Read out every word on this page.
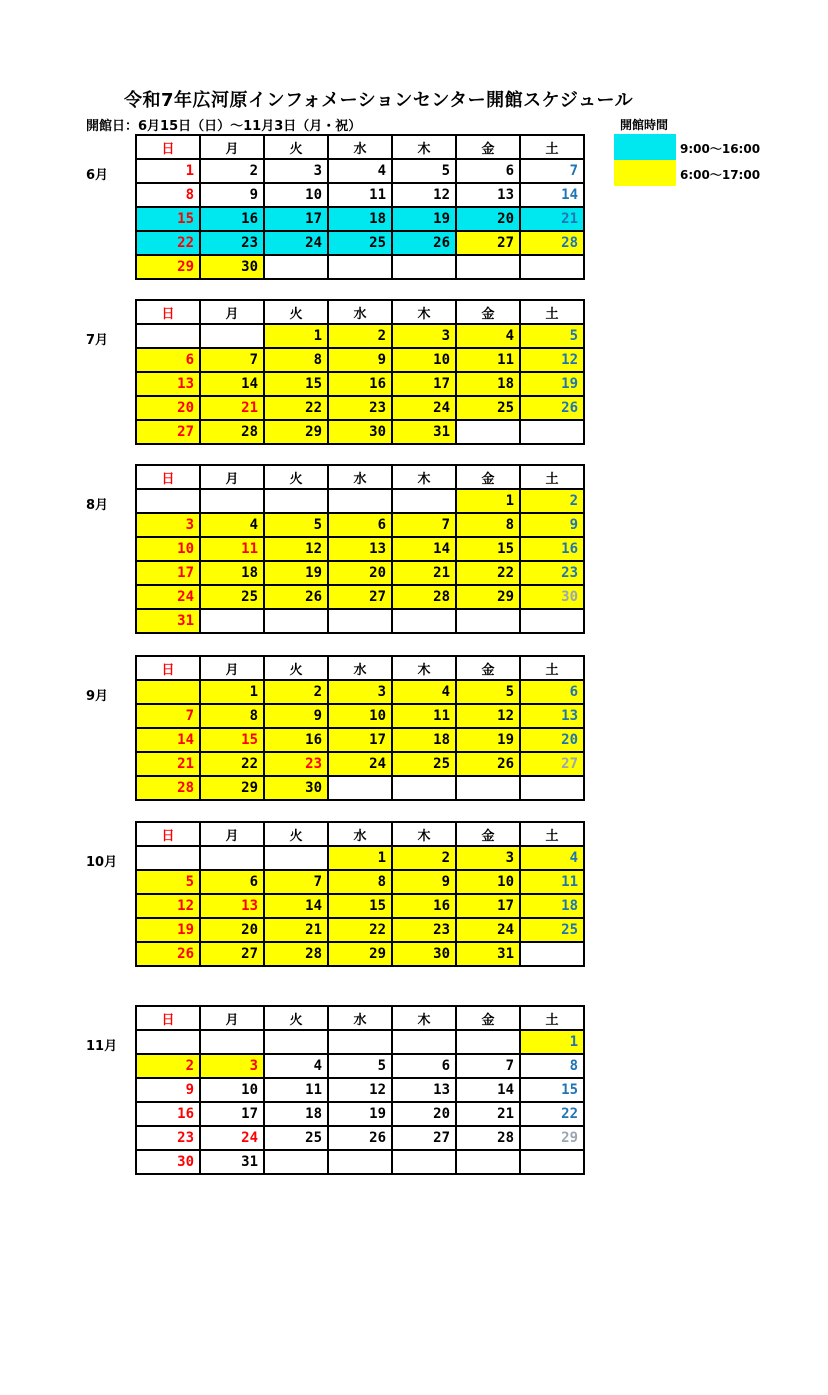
令和7年広河原インフォメーションセンター開館スケジュール
開館日：6月15日（日）～11月3日（月・祝）	開館時間
9:00～16:00
6:00～17:00
6月
日	月	火	水	木	金	土
1	2	3	4	5	6	7
8	9	10	11	12	13	14
15	16	17	18	19	20	21
22	23	24	25	26	27	28
29	30					
7月
日	月	火	水	木	金	土
		1	2	3	4	5
6	7	8	9	10	11	12
13	14	15	16	17	18	19
20	21	22	23	24	25	26
27	28	29	30	31		
8月
日	月	火	水	木	金	土
					1	2
3	4	5	6	7	8	9
10	11	12	13	14	15	16
17	18	19	20	21	22	23
24	25	26	27	28	29	30
31						
9月
日	月	火	水	木	金	土
	1	2	3	4	5	6
7	8	9	10	11	12	13
14	15	16	17	18	19	20
21	22	23	24	25	26	27
28	29	30				
10月
日	月	火	水	木	金	土
			1	2	3	4
5	6	7	8	9	10	11
12	13	14	15	16	17	18
19	20	21	22	23	24	25
26	27	28	29	30	31	
11月
日	月	火	水	木	金	土
						1
2	3	4	5	6	7	8
9	10	11	12	13	14	15
16	17	18	19	20	21	22
23	24	25	26	27	28	29
30	31					
